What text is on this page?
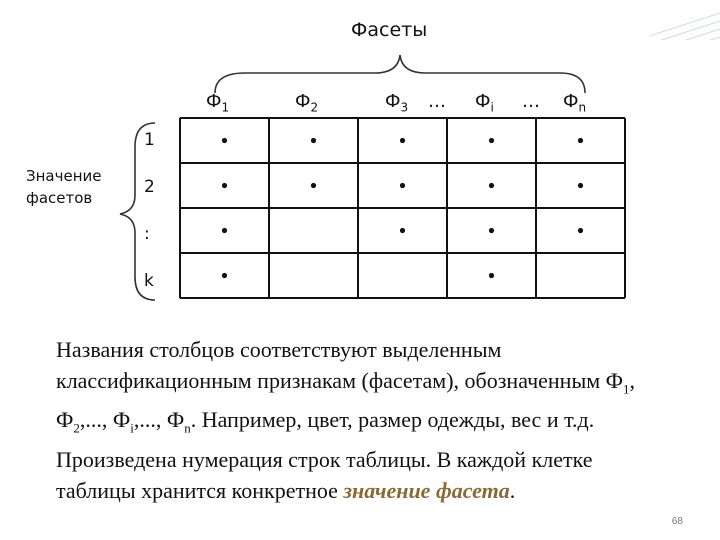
Фасеты
$Ф_1$	$Ф_2$	$Ф_3$ … $Ф_i$ … $Ф_n$
1
2
:
k
Значение
фасетов
Названия столбцов соответствуют выделенным классификационным признакам (фасетам), обозначенным $Ф_1$, $Ф_2$,..., $Ф_i$,..., $Ф_n$. Например, цвет, размер одежды, вес и т.д. Произведена нумерация строк таблицы. В каждой клетке таблицы хранится конкретное значение фасета.
68
